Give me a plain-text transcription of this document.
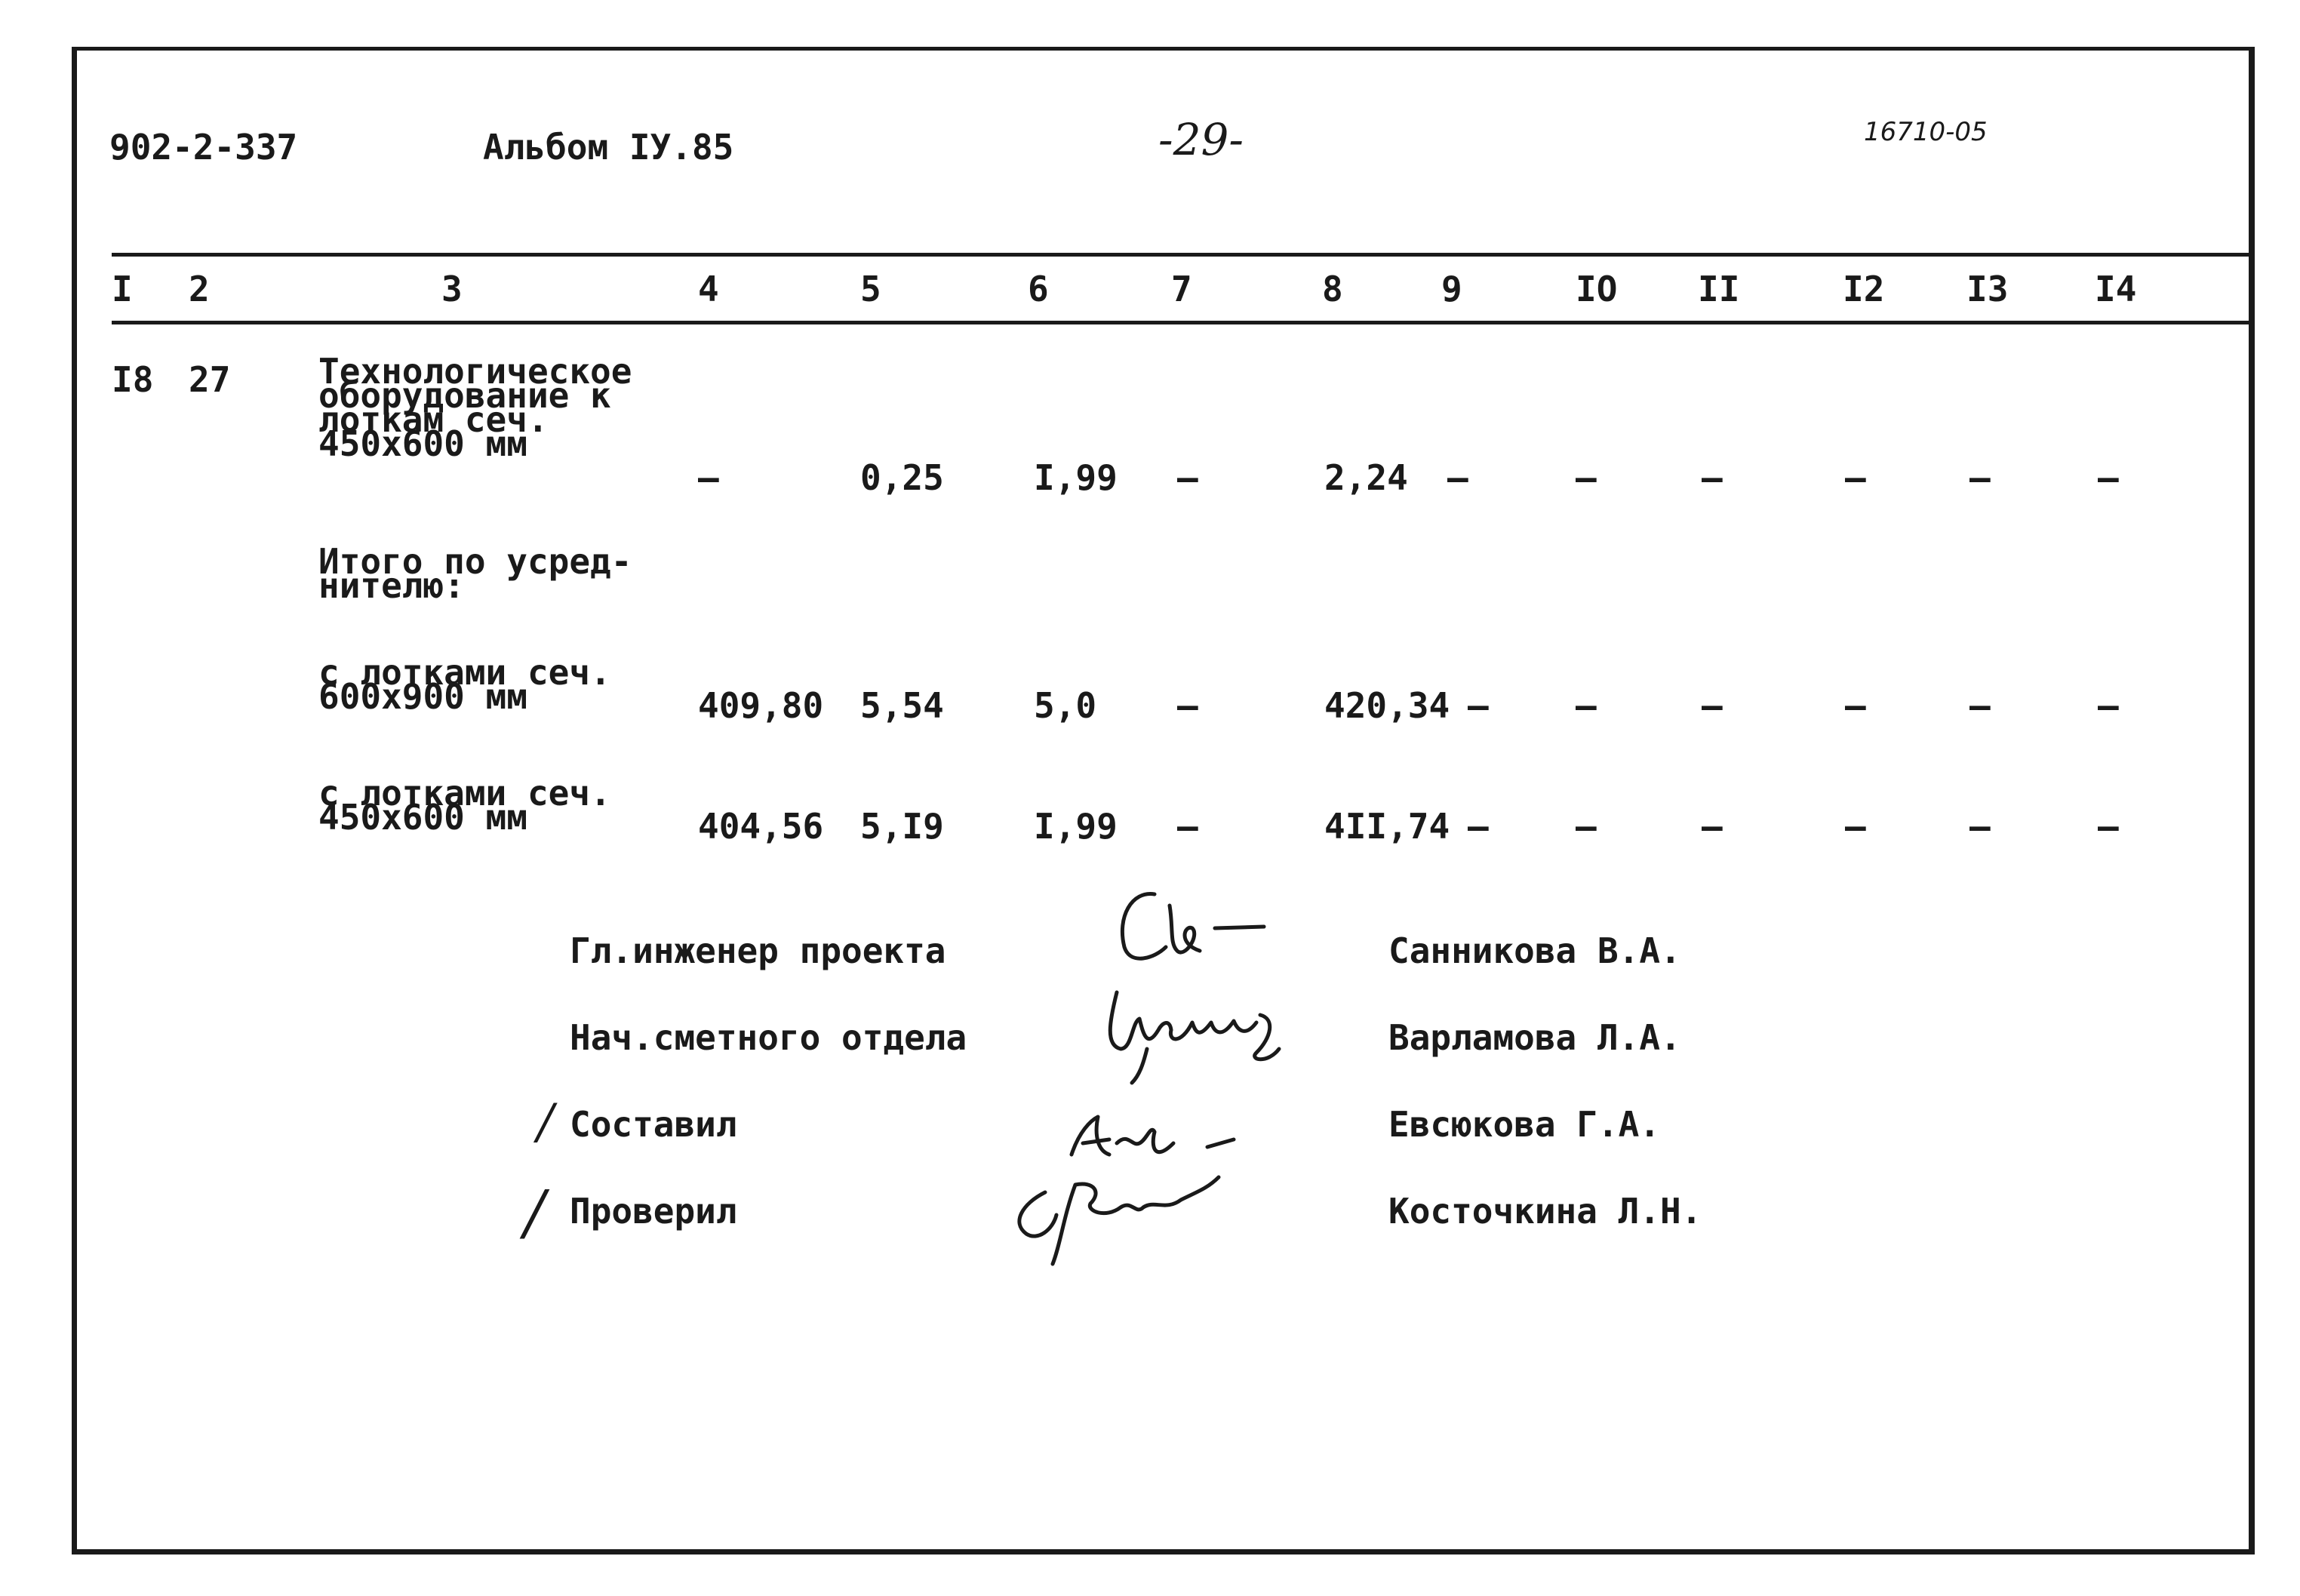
902-2-337	Альбом IУ.85	-29-	16710-05
I 2	3	4	5	6	7	8	9	IO II	I2 I3 I4
I8 27	Технологическое
оборудование к
лоткам сеч.
450x600 мм
–	0,25	I,99 –	2,24 –	–	–	–	–	–
Итого по усред-
нителю:
с лотками сеч.
600x900 мм	409,80 5,54	5,0 –	420,34 –	–	–	–	–	–
с лотками сеч.
450x600 мм	404,56 5,I9	I,99 –	4II,74 –	–	–	–	–	–
Гл.инженер проекта	Санникова В.А.
Нач.сметного отдела	Варламова Л.А.
/ Составил	Евсюкова Г.А.
/ Проверил	Косточкина Л.Н.
